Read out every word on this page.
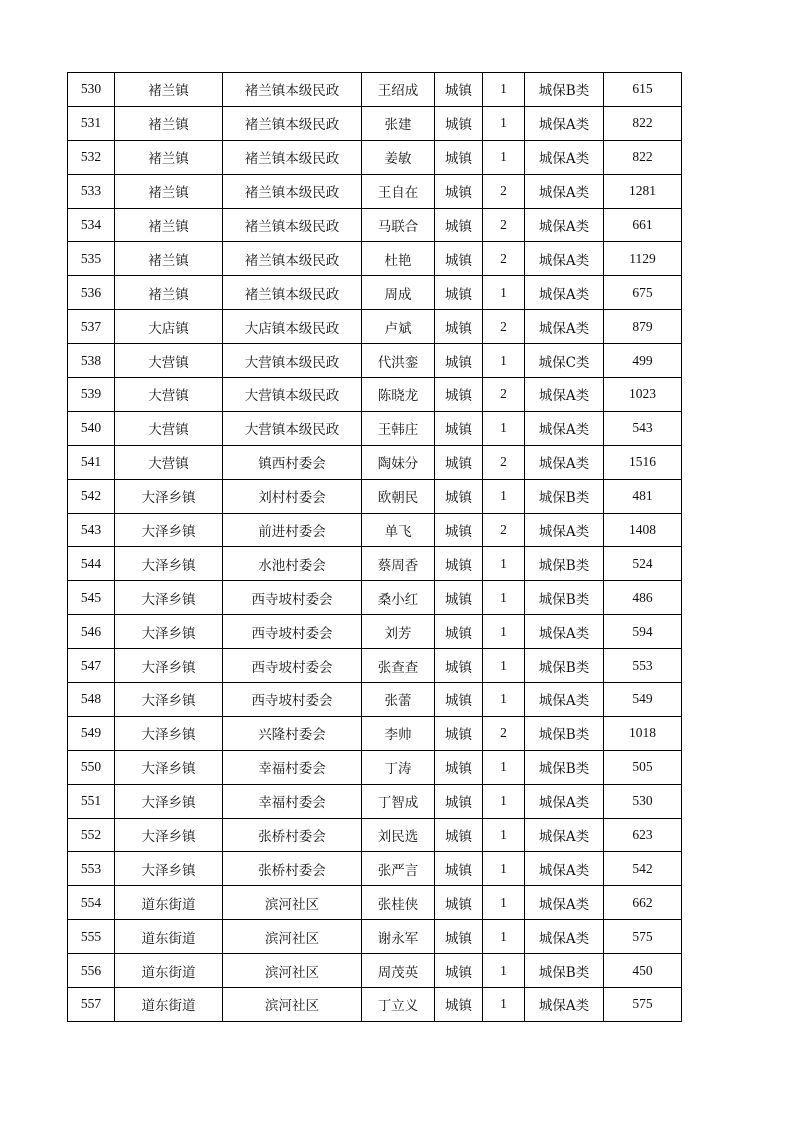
530	褚兰镇	褚兰镇本级民政	王绍成	城镇	1	城保B类	615
531	褚兰镇	褚兰镇本级民政	张建	城镇	1	城保A类	822
532	褚兰镇	褚兰镇本级民政	姜敏	城镇	1	城保A类	822
533	褚兰镇	褚兰镇本级民政	王自在	城镇	2	城保A类	1281
534	褚兰镇	褚兰镇本级民政	马联合	城镇	2	城保A类	661
535	褚兰镇	褚兰镇本级民政	杜艳	城镇	2	城保A类	1129
536	褚兰镇	褚兰镇本级民政	周成	城镇	1	城保A类	675
537	大店镇	大店镇本级民政	卢斌	城镇	2	城保A类	879
538	大营镇	大营镇本级民政	代洪銮	城镇	1	城保C类	499
539	大营镇	大营镇本级民政	陈晓龙	城镇	2	城保A类	1023
540	大营镇	大营镇本级民政	王韩庄	城镇	1	城保A类	543
541	大营镇	镇西村委会	陶妹分	城镇	2	城保A类	1516
542	大泽乡镇	刘村村委会	欧朝民	城镇	1	城保B类	481
543	大泽乡镇	前进村委会	单飞	城镇	2	城保A类	1408
544	大泽乡镇	水池村委会	蔡周香	城镇	1	城保B类	524
545	大泽乡镇	西寺坡村委会	桑小红	城镇	1	城保B类	486
546	大泽乡镇	西寺坡村委会	刘芳	城镇	1	城保A类	594
547	大泽乡镇	西寺坡村委会	张查查	城镇	1	城保B类	553
548	大泽乡镇	西寺坡村委会	张蕾	城镇	1	城保A类	549
549	大泽乡镇	兴隆村委会	李帅	城镇	2	城保B类	1018
550	大泽乡镇	幸福村委会	丁涛	城镇	1	城保B类	505
551	大泽乡镇	幸福村委会	丁智成	城镇	1	城保A类	530
552	大泽乡镇	张桥村委会	刘民选	城镇	1	城保A类	623
553	大泽乡镇	张桥村委会	张严言	城镇	1	城保A类	542
554	道东街道	滨河社区	张桂侠	城镇	1	城保A类	662
555	道东街道	滨河社区	谢永军	城镇	1	城保A类	575
556	道东街道	滨河社区	周茂英	城镇	1	城保B类	450
557	道东街道	滨河社区	丁立义	城镇	1	城保A类	575
